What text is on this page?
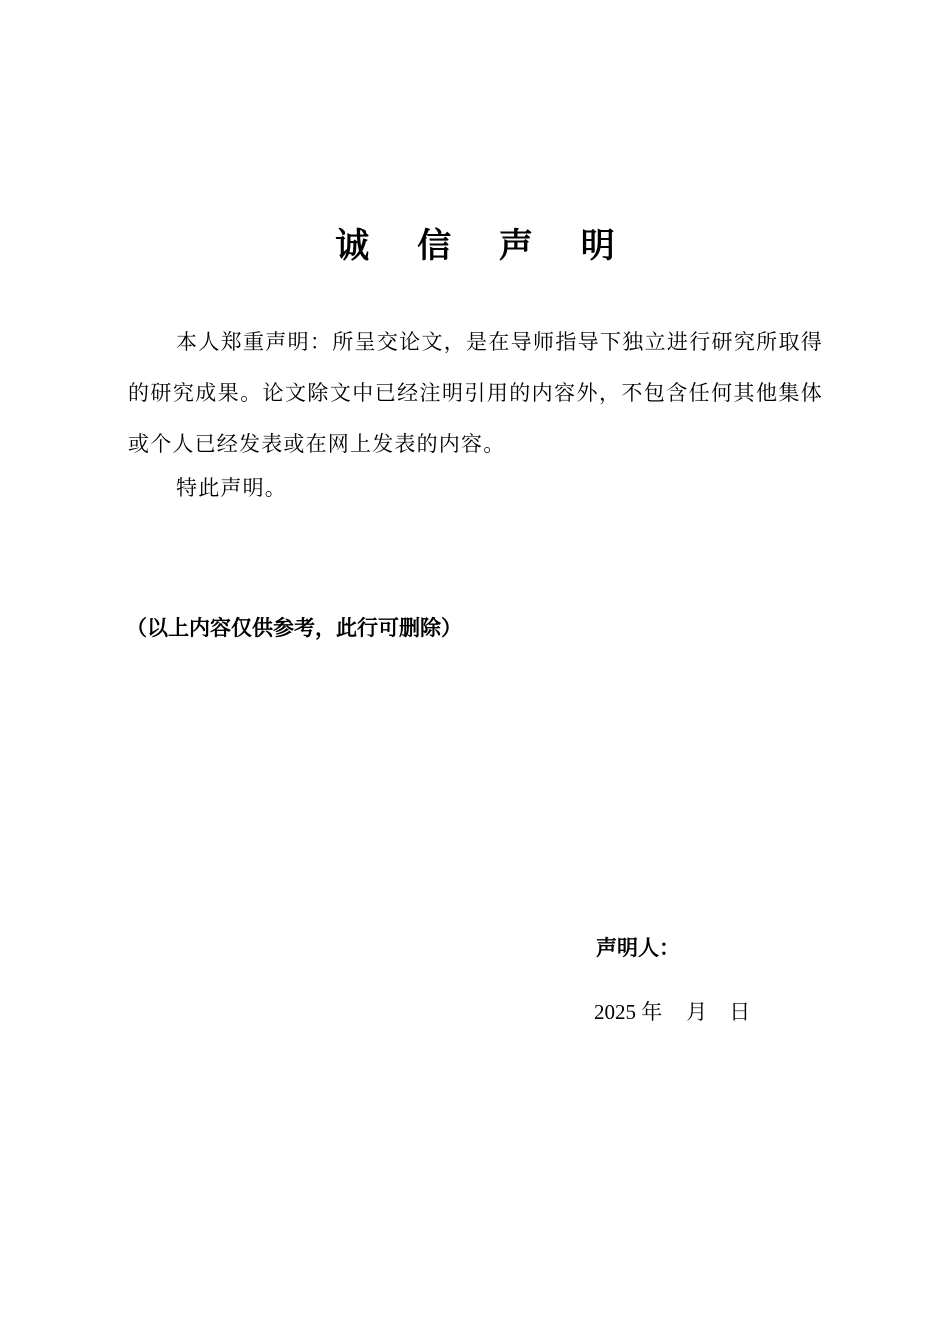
诚 信 声 明
本人郑重声明：所呈交论文，是在导师指导下独立进行研究所取得的研究成果。论文除文中已经注明引用的内容外，不包含任何其他集体或个人已经发表或在网上发表的内容。
特此声明。
（以上内容仅供参考，此行可删除）
声明人：
2025 年 月 日
